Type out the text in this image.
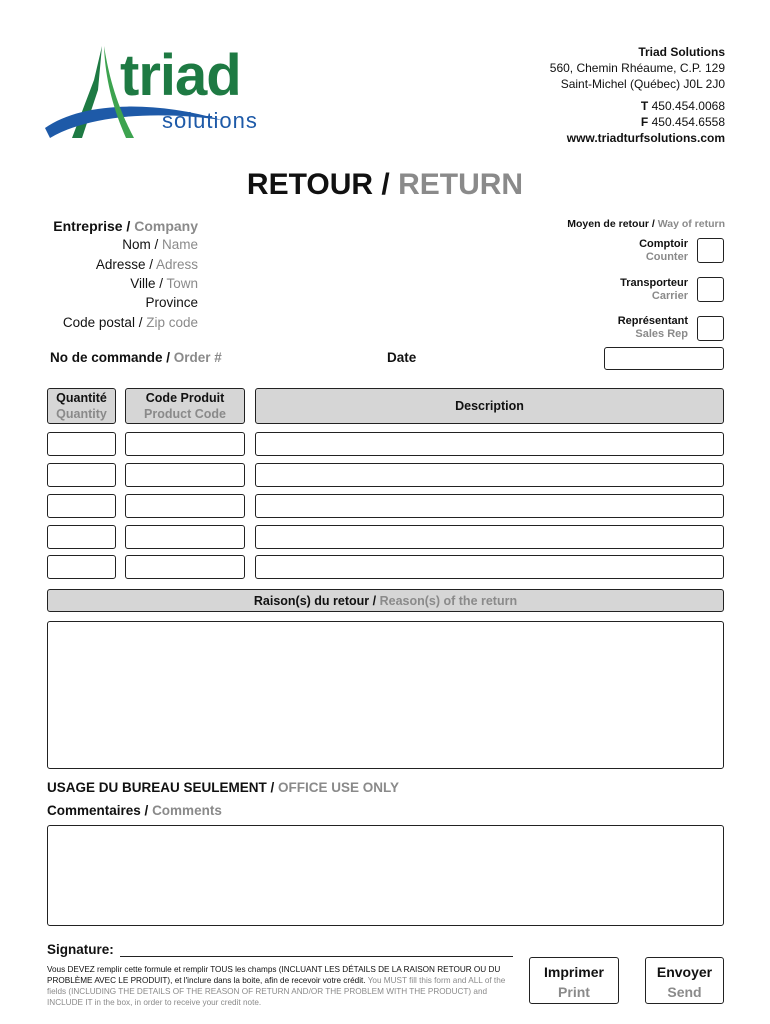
triad
solutions
Triad Solutions
560, Chemin Rhéaume, C.P. 129
Saint-Michel (Québec) J0L 2J0
T 450.454.0068
F 450.454.6558
www.triadturfsolutions.com
RETOUR / RETURN
Entreprise / Company
Nom / Name
Adresse / Adress
Ville / Town
Province
Code postal / Zip code
Moyen de retour / Way of return
Comptoir
Counter
Transporteur
Carrier
Représentant
Sales Rep
No de commande / Order #	Date
Quantité
Quantity
Code Produit
Product Code
Description
Raison(s) du retour / Reason(s) of the return
USAGE DU BUREAU SEULEMENT / OFFICE USE ONLY
Commentaires / Comments
Signature:
Vous DEVEZ remplir cette formule et remplir TOUS les champs (INCLUANT LES DÉTAILS DE LA RAISON RETOUR OU DU PROBLÈME AVEC LE PRODUIT), et l'inclure dans la boite, afin de recevoir votre crédit. You MUST fill this form and ALL of the fields (INCLUDING THE DETAILS OF THE REASON OF RETURN AND/OR THE PROBLEM WITH THE PRODUCT) and INCLUDE IT in the box, in order to receive your credit note.
Imprimer
Print
Envoyer
Send
